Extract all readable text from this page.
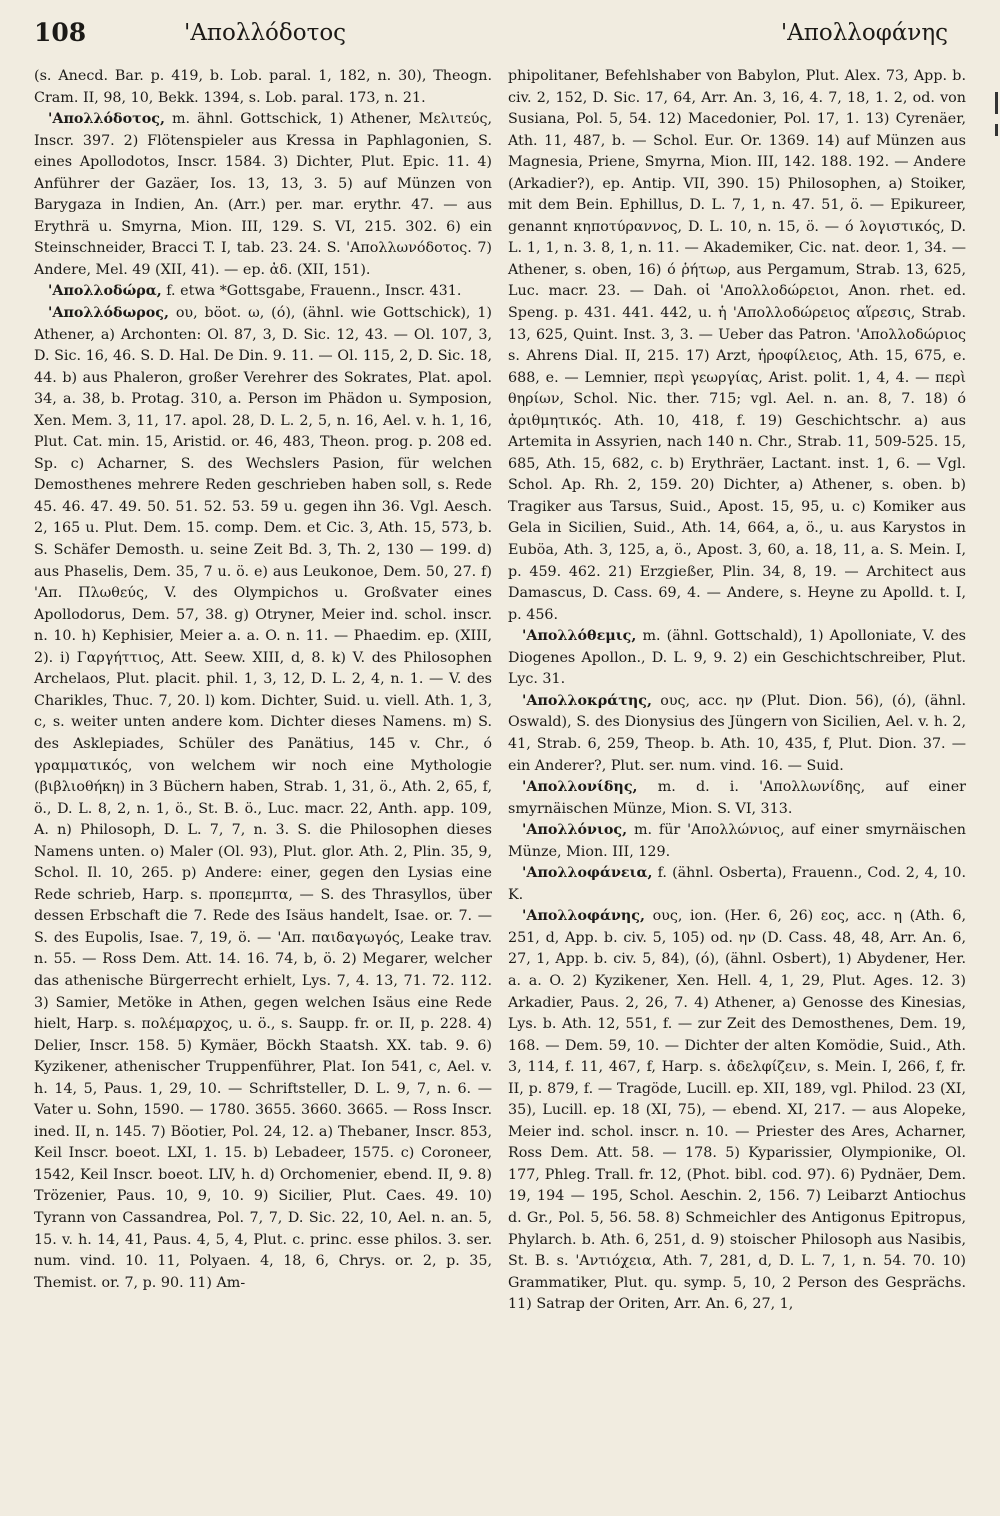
108	'Απολλόδοτος	'Απολλοφάνης

(s. Anecd. Bar. p. 419, b. Lob. paral. 1, 182, n. 30), Theogn. Cram. II, 98, 10, Bekk. 1394, s. Lob. paral. 173, n. 21.

'Απολλόδοτος, m. ähnl. Gottschick, 1) Athener, Μελιτεύς, Inscr. 397. 2) Flötenspieler aus Kressa in Paphlagonien, S. eines Apollodotos, Inscr. 1584. 3) Dichter, Plut. Epic. 11. 4) Anführer der Gazäer, Ios. 13, 13, 3. 5) auf Münzen von Barygaza in Indien, An. (Arr.) per. mar. erythr. 47. — aus Erythrä u. Smyrna, Mion. III, 129. S. VI, 215. 302. 6) ein Steinschneider, Bracci T. I, tab. 23. 24. S. 'Απολλωνόδοτος. 7) Andere, Mel. 49 (XII, 41). — ep. ἀδ. (XII, 151).

'Απολλοδώρα, f. etwa *Gottsgabe, Frauenn., Inscr. 431.

'Απολλόδωρος, ου, böot. ω, (ό), (ähnl. wie Gottschick), 1) Athener, a) Archonten: Ol. 87, 3, D. Sic. 12, 43. — Ol. 107, 3, D. Sic. 16, 46. S. D. Hal. De Din. 9. 11. — Ol. 115, 2, D. Sic. 18, 44. b) aus Phaleron, großer Verehrer des Sokrates, Plat. apol. 34, a. 38, b. Protag. 310, a. Person im Phädon u. Symposion, Xen. Mem. 3, 11, 17. apol. 28, D. L. 2, 5, n. 16, Ael. v. h. 1, 16, Plut. Cat. min. 15, Aristid. or. 46, 483, Theon. prog. p. 208 ed. Sp. c) Acharner, S. des Wechslers Pasion, für welchen Demosthenes mehrere Reden geschrieben haben soll, s. Rede 45. 46. 47. 49. 50. 51. 52. 53. 59 u. gegen ihn 36. Vgl. Aesch. 2, 165 u. Plut. Dem. 15. comp. Dem. et Cic. 3, Ath. 15, 573, b. S. Schäfer Demosth. u. seine Zeit Bd. 3, Th. 2, 130 — 199. d) aus Phaselis, Dem. 35, 7 u. ö. e) aus Leukonoe, Dem. 50, 27. f) 'Απ. Πλωθεύς, V. des Olympichos u. Großvater eines Apollodorus, Dem. 57, 38. g) Otryner, Meier ind. schol. inscr. n. 10. h) Kephisier, Meier a. a. O. n. 11. — Phaedim. ep. (XIII, 2). i) Γαργήττιος, Att. Seew. XIII, d, 8. k) V. des Philosophen Archelaos, Plut. placit. phil. 1, 3, 12, D. L. 2, 4, n. 1. — V. des Charikles, Thuc. 7, 20. l) kom. Dichter, Suid. u. viell. Ath. 1, 3, c, s. weiter unten andere kom. Dichter dieses Namens. m) S. des Asklepiades, Schüler des Panätius, 145 v. Chr., ό γραμματικός, von welchem wir noch eine Mythologie (βιβλιοθήκη) in 3 Büchern haben, Strab. 1, 31, ö., Ath. 2, 65, f, ö., D. L. 8, 2, n. 1, ö., St. B. ö., Luc. macr. 22, Anth. app. 109, A. n) Philosoph, D. L. 7, 7, n. 3. S. die Philosophen dieses Namens unten. o) Maler (Ol. 93), Plut. glor. Ath. 2, Plin. 35, 9, Schol. Il. 10, 265. p) Andere: einer, gegen den Lysias eine Rede schrieb, Harp. s. προπεμπτα, — S. des Thrasyllos, über dessen Erbschaft die 7. Rede des Isäus handelt, Isae. or. 7. — S. des Eupolis, Isae. 7, 19, ö. — 'Απ. παιδαγωγός, Leake trav. n. 55. — Ross Dem. Att. 14. 16. 74, b, ö. 2) Megarer, welcher das athenische Bürgerrecht erhielt, Lys. 7, 4. 13, 71. 72. 112. 3) Samier, Metöke in Athen, gegen welchen Isäus eine Rede hielt, Harp. s. πολέμαρχος, u. ö., s. Saupp. fr. or. II, p. 228. 4) Delier, Inscr. 158. 5) Kymäer, Böckh Staatsh. XX. tab. 9. 6) Kyzikener, athenischer Truppenführer, Plat. Ion 541, c, Ael. v. h. 14, 5, Paus. 1, 29, 10. — Schriftsteller, D. L. 9, 7, n. 6. — Vater u. Sohn, 1590. — 1780. 3655. 3660. 3665. — Ross Inscr. ined. II, n. 145. 7) Böotier, Pol. 24, 12. a) Thebaner, Inscr. 853, Keil Inscr. boeot. LXI, 1. 15. b) Lebadeer, 1575. c) Coroneer, 1542, Keil Inscr. boeot. LIV, h. d) Orchomenier, ebend. II, 9. 8) Trözenier, Paus. 10, 9, 10. 9) Sicilier, Plut. Caes. 49. 10) Tyrann von Cassandrea, Pol. 7, 7, D. Sic. 22, 10, Ael. n. an. 5, 15. v. h. 14, 41, Paus. 4, 5, 4, Plut. c. princ. esse philos. 3. ser. num. vind. 10. 11, Polyaen. 4, 18, 6, Chrys. or. 2, p. 35, Themist. or. 7, p. 90. 11) Am-

phipolitaner, Befehlshaber von Babylon, Plut. Alex. 73, App. b. civ. 2, 152, D. Sic. 17, 64, Arr. An. 3, 16, 4. 7, 18, 1. 2, od. von Susiana, Pol. 5, 54. 12) Macedonier, Pol. 17, 1. 13) Cyrenäer, Ath. 11, 487, b. — Schol. Eur. Or. 1369. 14) auf Münzen aus Magnesia, Priene, Smyrna, Mion. III, 142. 188. 192. — Andere (Arkadier?), ep. Antip. VII, 390. 15) Philosophen, a) Stoiker, mit dem Bein. Ephillus, D. L. 7, 1, n. 47. 51, ö. — Epikureer, genannt κηποτύραννος, D. L. 10, n. 15, ö. — ό λογιστικός, D. L. 1, 1, n. 3. 8, 1, n. 11. — Akademiker, Cic. nat. deor. 1, 34. — Athener, s. oben, 16) ό ῥήτωρ, aus Pergamum, Strab. 13, 625, Luc. macr. 23. — Dah. οἱ 'Απολλοδώρειοι, Anon. rhet. ed. Speng. p. 431. 441. 442, u. ἡ 'Απολλοδώρειος αἵρεσις, Strab. 13, 625, Quint. Inst. 3, 3. — Ueber das Patron. 'Απολλοδώριος s. Ahrens Dial. II, 215. 17) Arzt, ἡροφίλειος, Ath. 15, 675, e. 688, e. — Lemnier, περὶ γεωργίας, Arist. polit. 1, 4, 4. — περὶ θηρίων, Schol. Nic. ther. 715; vgl. Ael. n. an. 8, 7. 18) ό ἀριθμητικός. Ath. 10, 418, f. 19) Geschichtschr. a) aus Artemita in Assyrien, nach 140 n. Chr., Strab. 11, 509-525. 15, 685, Ath. 15, 682, c. b) Erythräer, Lactant. inst. 1, 6. — Vgl. Schol. Ap. Rh. 2, 159. 20) Dichter, a) Athener, s. oben. b) Tragiker aus Tarsus, Suid., Apost. 15, 95, u. c) Komiker aus Gela in Sicilien, Suid., Ath. 14, 664, a, ö., u. aus Karystos in Euböa, Ath. 3, 125, a, ö., Apost. 3, 60, a. 18, 11, a. S. Mein. I, p. 459. 462. 21) Erzgießer, Plin. 34, 8, 19. — Architect aus Damascus, D. Cass. 69, 4. — Andere, s. Heyne zu Apolld. t. I, p. 456.

'Απολλόθεμις, m. (ähnl. Gottschald), 1) Apolloniate, V. des Diogenes Apollon., D. L. 9, 9. 2) ein Geschichtschreiber, Plut. Lyc. 31.

'Απολλοκράτης, ους, acc. ην (Plut. Dion. 56), (ό), (ähnl. Oswald), S. des Dionysius des Jüngern von Sicilien, Ael. v. h. 2, 41, Strab. 6, 259, Theop. b. Ath. 10, 435, f, Plut. Dion. 37. — ein Anderer?, Plut. ser. num. vind. 16. — Suid.

'Απολλονίδης, m. d. i. 'Απολλωνίδης, auf einer smyrnäischen Münze, Mion. S. VI, 313.

'Απολλόνιος, m. für 'Απολλώνιος, auf einer smyrnäischen Münze, Mion. III, 129.

'Απολλοφάνεια, f. (ähnl. Osberta), Frauenn., Cod. 2, 4, 10. K.

'Απολλοφάνης, ους, ion. (Her. 6, 26) εος, acc. η (Ath. 6, 251, d, App. b. civ. 5, 105) od. ην (D. Cass. 48, 48, Arr. An. 6, 27, 1, App. b. civ. 5, 84), (ό), (ähnl. Osbert), 1) Abydener, Her. a. a. O. 2) Kyzikener, Xen. Hell. 4, 1, 29, Plut. Ages. 12. 3) Arkadier, Paus. 2, 26, 7. 4) Athener, a) Genosse des Kinesias, Lys. b. Ath. 12, 551, f. — zur Zeit des Demosthenes, Dem. 19, 168. — Dem. 59, 10. — Dichter der alten Komödie, Suid., Ath. 3, 114, f. 11, 467, f, Harp. s. ἀδελφίζειν, s. Mein. I, 266, f, fr. II, p. 879, f. — Tragöde, Lucill. ep. XII, 189, vgl. Philod. 23 (XI, 35), Lucill. ep. 18 (XI, 75), — ebend. XI, 217. — aus Alopeke, Meier ind. schol. inscr. n. 10. — Priester des Ares, Acharner, Ross Dem. Att. 58. — 178. 5) Kyparissier, Olympionike, Ol. 177, Phleg. Trall. fr. 12, (Phot. bibl. cod. 97). 6) Pydnäer, Dem. 19, 194 — 195, Schol. Aeschin. 2, 156. 7) Leibarzt Antiochus d. Gr., Pol. 5, 56. 58. 8) Schmeichler des Antigonus Epitropus, Phylarch. b. Ath. 6, 251, d. 9) stoischer Philosoph aus Nasibis, St. B. s. 'Αντιόχεια, Ath. 7, 281, d, D. L. 7, 1, n. 54. 70. 10) Grammatiker, Plut. qu. symp. 5, 10, 2 Person des Gesprächs. 11) Satrap der Oriten, Arr. An. 6, 27, 1,
